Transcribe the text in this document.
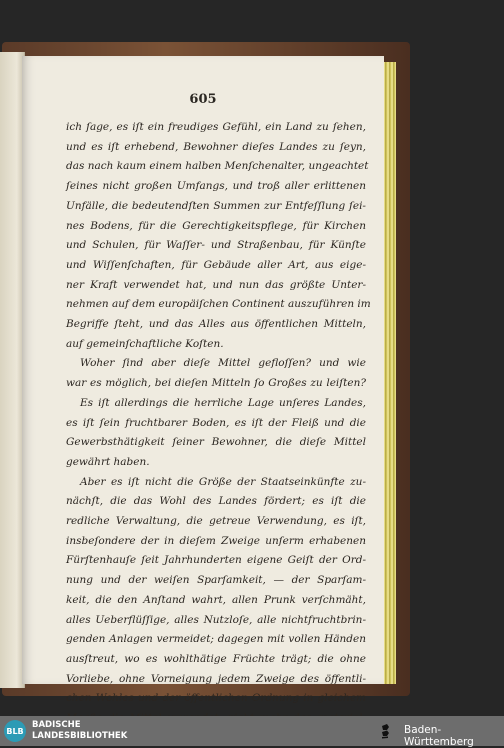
605
ich ſage, es iſt ein freudiges Gefühl, ein Land zu ſehen,
und es iſt erhebend, Bewohner dieſes Landes zu ſeyn,
das nach kaum einem halben Menſchenalter, ungeachtet
ſeines nicht großen Umfangs, und troß aller erlittenen
Unfälle, die bedeutendſten Summen zur Entfeſſlung ſei-
nes Bodens, für die Gerechtigkeitspflege, für Kirchen
und Schulen, für Waſſer- und Straßenbau, für Künſte
und Wiſſenſchaften, für Gebäude aller Art, aus eige-
ner Kraft verwendet hat, und nun das größte Unter-
nehmen auf dem europäiſchen Continent auszuführen im
Begriffe ſteht, und das Alles aus öffentlichen Mitteln,
auf gemeinſchaftliche Koſten.
Woher ſind aber dieſe Mittel gefloſſen? und wie
war es möglich, bei dieſen Mitteln ſo Großes zu leiſten?
Es iſt allerdings die herrliche Lage unſeres Landes,
es iſt ſein fruchtbarer Boden, es iſt der Fleiß und die
Gewerbsthätigkeit ſeiner Bewohner, die dieſe Mittel
gewährt haben.
Aber es iſt nicht die Größe der Staatseinkünfte zu-
nächſt, die das Wohl des Landes fördert; es iſt die
redliche Verwaltung, die getreue Verwendung, es iſt,
insbeſondere der in dieſem Zweige unſerm erhabenen
Fürſtenhauſe ſeit Jahrhunderten eigene Geiſt der Ord-
nung und der weiſen Sparſamkeit, — der Sparſam-
keit, die den Anſtand wahrt, allen Prunk verſchmäht,
alles Ueberflüſſige, alles Nutzloſe, alle nichtfruchtbrin-
genden Anlagen vermeidet; dagegen mit vollen Händen
ausſtreut, wo es wohlthätige Früchte trägt; die ohne
Vorliebe, ohne Vorneigung jedem Zweige des öffentli-
chen Wohles und der öffentlichen Ordnung in gleichem
BLB
BADISCHE
LANDESBIBLIOTHEK	Baden-Württemberg
